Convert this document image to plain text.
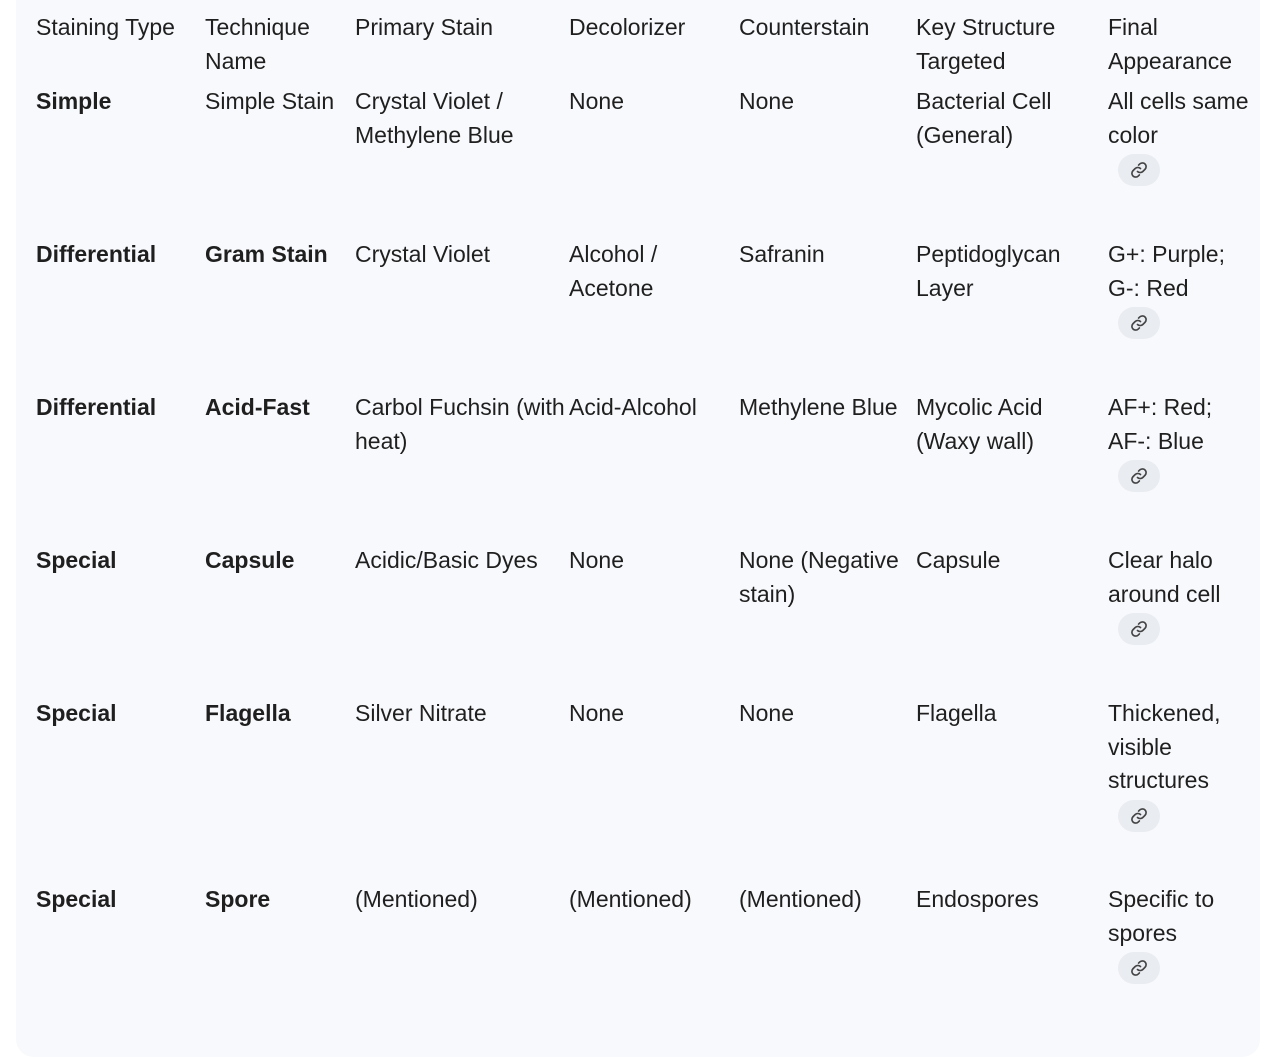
Staining Type	Technique Name	Primary Stain	Decolorizer	Counterstain	Key Structure Targeted	Final Appearance
Simple	Simple Stain	Crystal Violet / Methylene Blue	None	None	Bacterial Cell (General)	All cells same color

Differential	Gram Stain	Crystal Violet	Alcohol / Acetone	Safranin	Peptidoglycan Layer	G+: Purple; G-: Red

Differential	Acid-Fast	Carbol Fuchsin (with heat)	Acid-Alcohol	Methylene Blue	Mycolic Acid (Waxy wall)	AF+: Red; AF-: Blue

Special	Capsule	Acidic/Basic Dyes	None	None (Negative stain)	Capsule	Clear halo around cell

Special	Flagella	Silver Nitrate	None	None	Flagella	Thickened, visible structures

Special	Spore	(Mentioned)	(Mentioned)	(Mentioned)	Endospores	Specific to spores
